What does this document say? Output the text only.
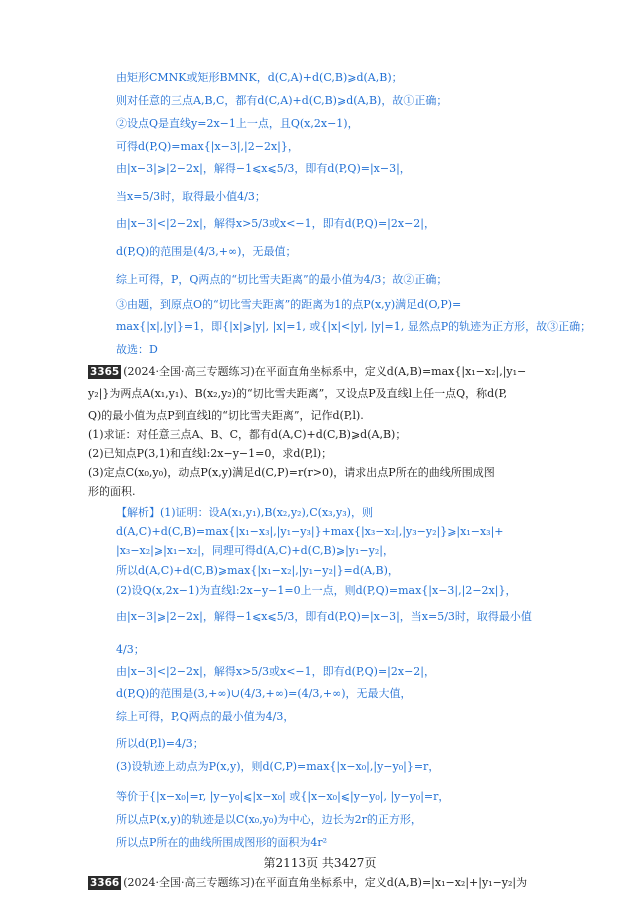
由矩形CMNK或矩形BMNK，d(C,A)+d(C,B)⩾d(A,B)；
则对任意的三点A,B,C，都有d(C,A)+d(C,B)⩾d(A,B)，故①正确；
②设点Q是直线y=2x−1上一点，且Q(x,2x−1)，
可得d(P,Q)=max{|x−3|,|2−2x|}，
由|x−3|⩾|2−2x|，解得−1⩽x⩽5/3，即有d(P,Q)=|x−3|，
当x=5/3时，取得最小值4/3；
由|x−3|<|2−2x|，解得x>5/3或x<−1，即有d(P,Q)=|2x−2|，
d(P,Q)的范围是(4/3,+∞)，无最值；
综上可得，P，Q两点的“切比雪夫距离”的最小值为4/3；故②正确；
③由题，到原点O的“切比雪夫距离”的距离为1的点P(x,y)满足d(O,P)=
max{|x|,|y|}=1，即{|x|⩾|y|, |x|=1, 或{|x|<|y|, |y|=1, 显然点P的轨迹为正方形，故③正确；
故选：D
3365 (2024·全国·高三专题练习)在平面直角坐标系中，定义d(A,B)=max{|x₁−x₂|,|y₁−
y₂|}为两点A(x₁,y₁)、B(x₂,y₂)的“切比雪夫距离”，又设点P及直线l上任一点Q，称d(P,
Q)的最小值为点P到直线l的“切比雪夫距离”，记作d(P,l).
(1)求证：对任意三点A、B、C，都有d(A,C)+d(C,B)⩾d(A,B)；
(2)已知点P(3,1)和直线l:2x−y−1=0，求d(P,l)；
(3)定点C(x₀,y₀)，动点P(x,y)满足d(C,P)=r(r>0)，请求出点P所在的曲线所围成图
形的面积.
【解析】(1)证明：设A(x₁,y₁),B(x₂,y₂),C(x₃,y₃)，则
d(A,C)+d(C,B)=max{|x₁−x₃|,|y₁−y₃|}+max{|x₃−x₂|,|y₃−y₂|}⩾|x₁−x₃|+
|x₃−x₂|⩾|x₁−x₂|，同理可得d(A,C)+d(C,B)⩾|y₁−y₂|，
所以d(A,C)+d(C,B)⩾max{|x₁−x₂|,|y₁−y₂|}=d(A,B)，
(2)设Q(x,2x−1)为直线l:2x−y−1=0上一点，则d(P,Q)=max{|x−3|,|2−2x|}，
由|x−3|⩾|2−2x|，解得−1⩽x⩽5/3，即有d(P,Q)=|x−3|，当x=5/3时，取得最小值
4/3；
由|x−3|<|2−2x|，解得x>5/3或x<−1，即有d(P,Q)=|2x−2|，
d(P,Q)的范围是(3,+∞)∪(4/3,+∞)=(4/3,+∞)，无最大值，
综上可得，P,Q两点的最小值为4/3，
所以d(P,l)=4/3；
(3)设轨迹上动点为P(x,y)，则d(C,P)=max{|x−x₀|,|y−y₀|}=r，
等价于{|x−x₀|=r, |y−y₀|⩽|x−x₀| 或{|x−x₀|⩽|y−y₀|, |y−y₀|=r，
所以点P(x,y)的轨迹是以C(x₀,y₀)为中心，边长为2r的正方形，
所以点P所在的曲线所围成图形的面积为4r²
3366 (2024·全国·高三专题练习)在平面直角坐标系中，定义d(A,B)=|x₁−x₂|+|y₁−y₂|为
第2113页 共3427页
